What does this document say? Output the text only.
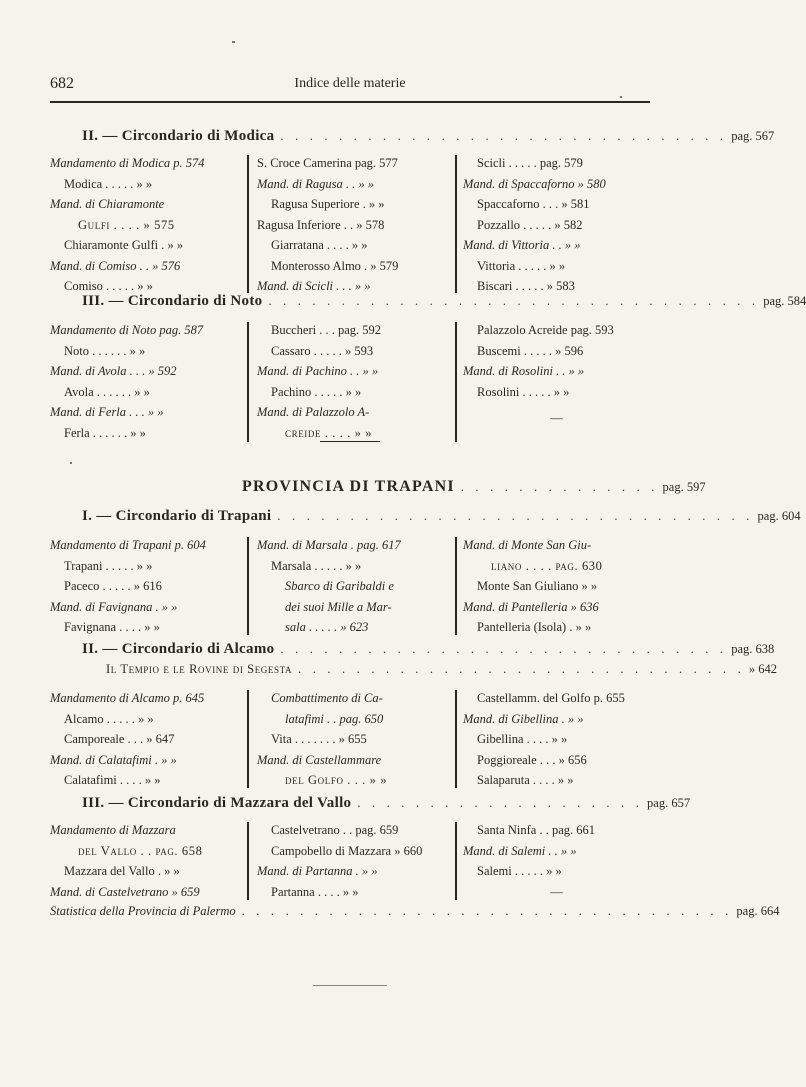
682	Indice delle materie
II. — Circondario di Modica . . . . . . . . . . . . . . . . . . . . . . . . . . . . . . . pag. 567
Mandamento di Modica p. 574
Modica . . . . . » »
Mand. di Chiaramonte
Gulfi . . . . » 575
Chiaramonte Gulfi . » »
Mand. di Comiso . . » 576
Comiso . . . . . » »
S. Croce Camerina pag. 577
Mand. di Ragusa . . » »
Ragusa Superiore . » »
Ragusa Inferiore . . » 578
Giarratana . . . . » »
Monterosso Almo . » 579
Mand. di Scicli . . . » »
Scicli . . . . . pag. 579
Mand. di Spaccaforno » 580
Spaccaforno . . . » 581
Pozzallo . . . . . » 582
Mand. di Vittoria . . » »
Vittoria . . . . . » »
Biscari . . . . . » 583
III. — Circondario di Noto . . . . . . . . . . . . . . . . . . . . . . . . . . . . . . . . . . pag. 584
Mandamento di Noto pag. 587
Noto . . . . . . » »
Mand. di Avola . . . » 592
Avola . . . . . . » »
Mand. di Ferla . . . » »
Ferla . . . . . . » »
Buccheri . . . pag. 592
Cassaro . . . . . » 593
Mand. di Pachino . . » »
Pachino . . . . . » »
Mand. di Palazzolo A-
creide . . . . » »
Palazzolo Acreide pag. 593
Buscemi . . . . . » 596
Mand. di Rosolini . . » »
Rosolini . . . . . » »
—
PROVINCIA DI TRAPANI . . . . . . . . . . . . . . pag. 597
I. — Circondario di Trapani . . . . . . . . . . . . . . . . . . . . . . . . . . . . . . . . . pag. 604
Mandamento di Trapani p. 604
Trapani . . . . . » »
Paceco . . . . . » 616
Mand. di Favignana . » »
Favignana . . . . » »
Mand. di Marsala . pag. 617
Marsala . . . . . » »
Sbarco di Garibaldi e
dei suoi Mille a Mar-
sala . . . . . » 623
Mand. di Monte San Giu-
liano . . . . pag. 630
Monte San Giuliano » »
Mand. di Pantelleria » 636
Pantelleria (Isola) . » »
II. — Circondario di Alcamo . . . . . . . . . . . . . . . . . . . . . . . . . . . . . . . pag. 638
Il Tempio e le Rovine di Segesta . . . . . . . . . . . . . . . . . . . . . . . . . . . . . . . » 642
Mandamento di Alcamo p. 645
Alcamo . . . . . » »
Camporeale . . . » 647
Mand. di Calatafimi . » »
Calatafimi . . . . » »
Combattimento di Ca-
latafimi . . pag. 650
Vita . . . . . . . » 655
Mand. di Castellammare
del Golfo . . . » »
Castellamm. del Golfo p. 655
Mand. di Gibellina . » »
Gibellina . . . . » »
Poggioreale . . . » 656
Salaparuta . . . . » »
III. — Circondario di Mazzara del Vallo . . . . . . . . . . . . . . . . . . . . pag. 657
Mandamento di Mazzara
del Vallo . . pag. 658
Mazzara del Vallo . » »
Mand. di Castelvetrano » 659
Castelvetrano . . pag. 659
Campobello di Mazzara » 660
Mand. di Partanna . » »
Partanna . . . . » »
Santa Ninfa . . pag. 661
Mand. di Salemi . . » »
Salemi . . . . . » »
—
Statistica della Provincia di Palermo . . . . . . . . . . . . . . . . . . . . . . . . . . . . . . . . . . pag. 664
